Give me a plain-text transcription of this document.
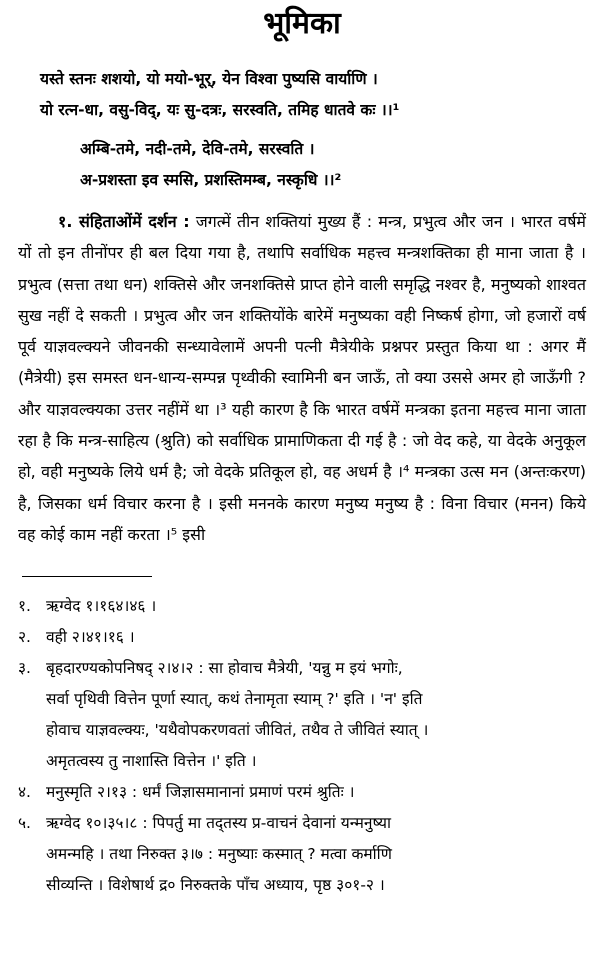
भूमिका
यस्ते स्तनः शशयो, यो मयो-भूर्, येन विश्वा पुष्यसि वार्याणि ।
यो रत्न-धा, वसु-विद्, यः सु-दत्रः, सरस्वति, तमिह धातवे कः ।।¹
अम्बि-तमे, नदी-तमे, देवि-तमे, सरस्वति ।
अ-प्रशस्ता इव स्मसि, प्रशस्तिमम्ब, नस्कृधि ।।²
१. संहिताओंमें दर्शन : जगत्में तीन शक्तियां मुख्य हैं : मन्त्र, प्रभुत्व और जन । भारत वर्षमें यों तो इन तीनोंपर ही बल दिया गया है, तथापि सर्वाधिक महत्त्व मन्त्रशक्तिका ही माना जाता है । प्रभुत्व (सत्ता तथा धन) शक्तिसे और जनशक्तिसे प्राप्त होने वाली समृद्धि नश्वर है, मनुष्यको शाश्वत सुख नहीं दे सकती । प्रभुत्व और जन शक्तियोंके बारेमें मनुष्यका वही निष्कर्ष होगा, जो हजारों वर्ष पूर्व याज्ञवल्क्यने जीवनकी सन्ध्यावेलामें अपनी पत्नी मैत्रेयीके प्रश्नपर प्रस्तुत किया था : अगर मैं (मैत्रेयी) इस समस्त धन-धान्य-सम्पन्न पृथ्वीकी स्वामिनी बन जाऊँ, तो क्या उससे अमर हो जाऊँगी ? और याज्ञवल्क्यका उत्तर नहींमें था ।³ यही कारण है कि भारत वर्षमें मन्त्रका इतना महत्त्व माना जाता रहा है कि मन्त्र-साहित्य (श्रुति) को सर्वाधिक प्रामाणिकता दी गई है : जो वेद कहे, या वेदके अनुकूल हो, वही मनुष्यके लिये धर्म है; जो वेदके प्रतिकूल हो, वह अधर्म है ।⁴ मन्त्रका उत्स मन (अन्तःकरण) है, जिसका धर्म विचार करना है । इसी मननके कारण मनुष्य मनुष्य है : विना विचार (मनन) किये वह कोई काम नहीं करता ।⁵ इसी
१. ऋग्वेद १।१६४।४६ ।
२. वही २।४१।१६ ।
३. बृहदारण्यकोपनिषद् २।४।२ : सा होवाच मैत्रेयी, 'यन्नु म इयं भगोः,
सर्वा पृथिवी वित्तेन पूर्णा स्यात्, कथं तेनामृता स्याम् ?' इति । 'न' इति
होवाच याज्ञवल्क्यः, 'यथैवोपकरणवतां जीवितं, तथैव ते जीवितं स्यात् ।
अमृतत्वस्य तु नाशास्ति वित्तेन ।' इति ।
४. मनुस्मृति २।१३ : धर्मं जिज्ञासमानानां प्रमाणं परमं श्रुतिः ।
५. ऋग्वेद १०।३५।८ : पिपर्तु मा तद्तस्य प्र-वाचनं देवानां यन्मनुष्या
अमन्महि । तथा निरुक्त ३।७ : मनुष्याः कस्मात् ? मत्वा कर्माणि
सीव्यन्ति । विशेषार्थ द्र० निरुक्तके पाँच अध्याय, पृष्ठ ३०१-२ ।
